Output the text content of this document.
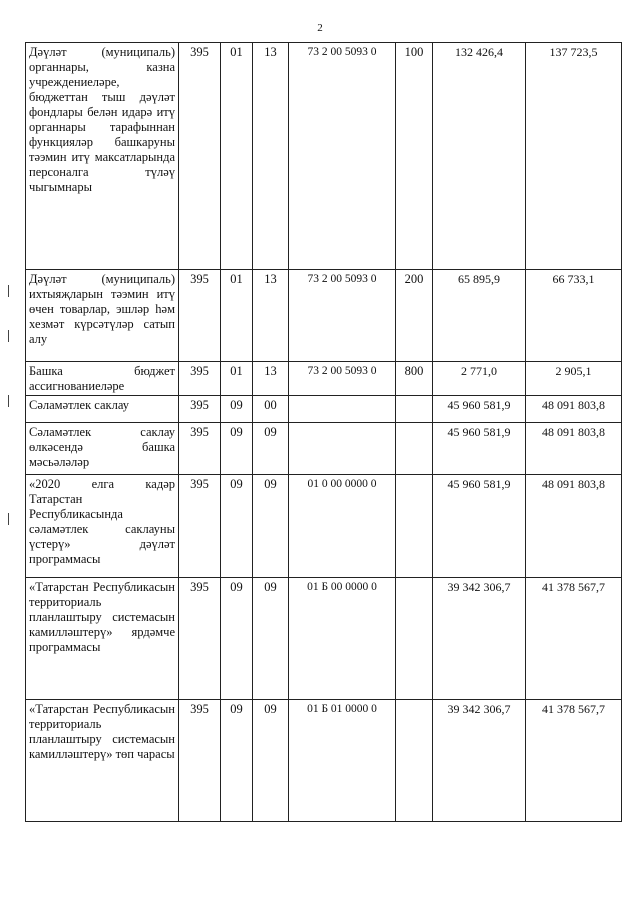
2
Дәүләт (муниципаль) органнары, казна учреждениеләре, бюджеттан тыш дәүләт фондлары белән идарә итү органнары тарафыннан функцияләр башкаруны тәэмин итү максатларында персоналга түләү чыгымнары	395	01	13	73 2 00 5093 0	100	132 426,4	137 723,5
Дәүләт (муниципаль) ихтыяҗларын тәэмин итү өчен товарлар, эшләр һәм хезмәт күрсәтүләр сатып алу	395	01	13	73 2 00 5093 0	200	65 895,9	66 733,1
Башка бюджет ассигнованиеләре	395	01	13	73 2 00 5093 0	800	2 771,0	2 905,1
Сәламәтлек саклау	395	09	00			45 960 581,9	48 091 803,8
Сәламәтлек саклау өлкәсендә башка мәсьәләләр	395	09	09			45 960 581,9	48 091 803,8
«2020 елга кадәр Татарстан Республикасында сәламәтлек саклауны үстерү» дәүләт программасы	395	09	09	01 0 00 0000 0		45 960 581,9	48 091 803,8
«Татарстан Республикасын территориаль планлаштыру системасын камилләштерү» ярдәмче программасы	395	09	09	01 Б 00 0000 0		39 342 306,7	41 378 567,7
«Татарстан Республикасын территориаль планлаштыру системасын камилләштерү» төп чарасы	395	09	09	01 Б 01 0000 0		39 342 306,7	41 378 567,7
